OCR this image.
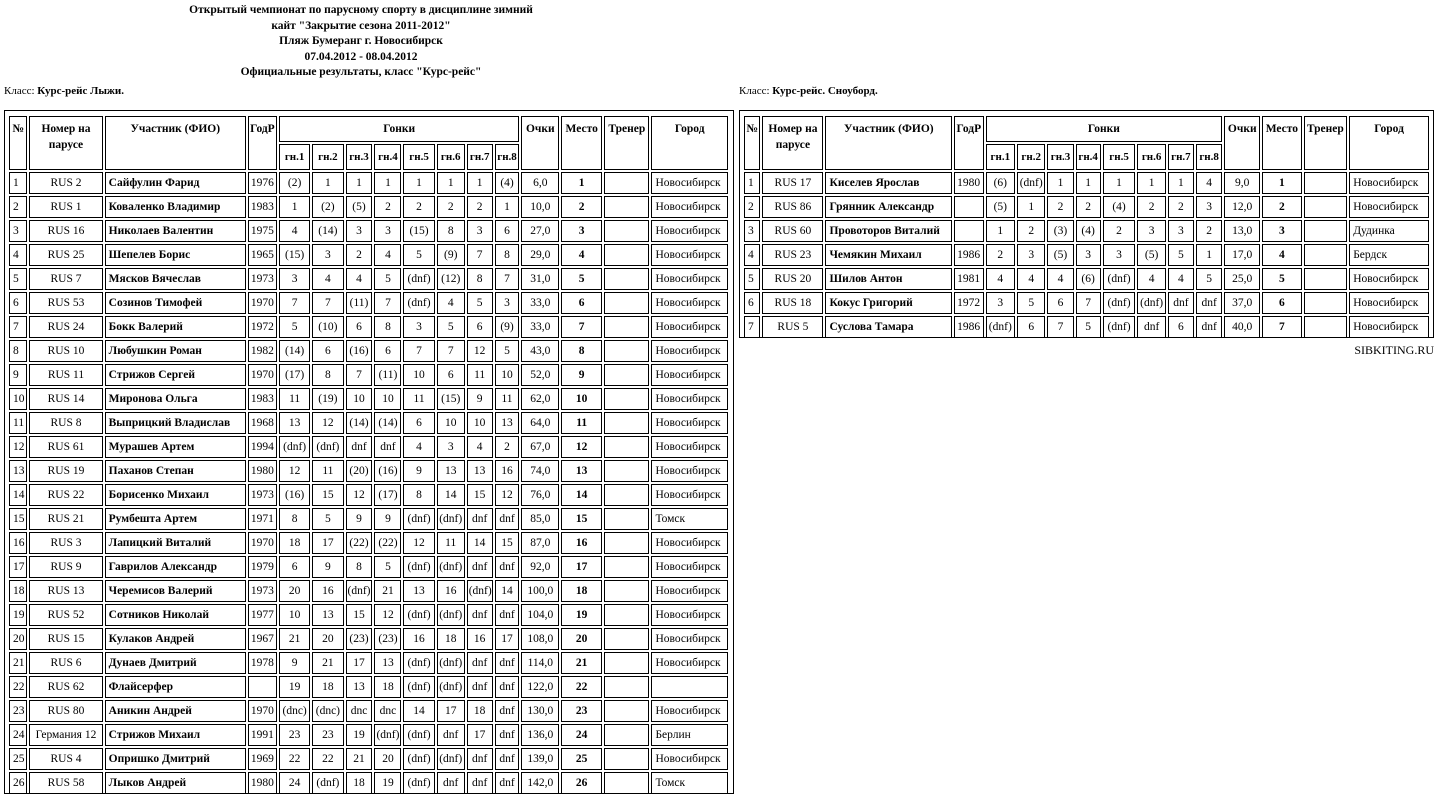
Открытый чемпионат по парусному спорту в дисциплине зимний
кайт "Закрытие сезона 2011-2012"
Пляж Бумеранг г. Новосибирск
07.04.2012 - 08.04.2012
Официальные результаты, класс "Курс-рейс"
Класс: Курс-рейс Лыжи.	Класс: Курс-рейс. Сноуборд.
№	Номер на парусе	Участник (ФИО)	ГодР	Гонки								Очки	Место	Тренер	Город
				гн.1	гн.2	гн.3	гн.4	гн.5	гн.6	гн.7	гн.8				
1	RUS 2	Сайфулин Фарид	1976	(2)	1	1	1	1	1	1	(4)	6,0	1		Новосибирск
2	RUS 1	Коваленко Владимир	1983	1	(2)	(5)	2	2	2	2	1	10,0	2		Новосибирск
3	RUS 16	Николаев Валентин	1975	4	(14)	3	3	(15)	8	3	6	27,0	3		Новосибирск
4	RUS 25	Шепелев Борис	1965	(15)	3	2	4	5	(9)	7	8	29,0	4		Новосибирск
5	RUS 7	Мясков Вячеслав	1973	3	4	4	5	(dnf)	(12)	8	7	31,0	5		Новосибирск
6	RUS 53	Созинов Тимофей	1970	7	7	(11)	7	(dnf)	4	5	3	33,0	6		Новосибирск
7	RUS 24	Бокк Валерий	1972	5	(10)	6	8	3	5	6	(9)	33,0	7		Новосибирск
8	RUS 10	Любушкин Роман	1982	(14)	6	(16)	6	7	7	12	5	43,0	8		Новосибирск
9	RUS 11	Стрижов Сергей	1970	(17)	8	7	(11)	10	6	11	10	52,0	9		Новосибирск
10	RUS 14	Миронова Ольга	1983	11	(19)	10	10	11	(15)	9	11	62,0	10		Новосибирск
11	RUS 8	Выприцкий Владислав	1968	13	12	(14)	(14)	6	10	10	13	64,0	11		Новосибирск
12	RUS 61	Мурашев Артем	1994	(dnf)	(dnf)	dnf	dnf	4	3	4	2	67,0	12		Новосибирск
13	RUS 19	Паханов Степан	1980	12	11	(20)	(16)	9	13	13	16	74,0	13		Новосибирск
14	RUS 22	Борисенко Михаил	1973	(16)	15	12	(17)	8	14	15	12	76,0	14		Новосибирск
15	RUS 21	Румбешта Артем	1971	8	5	9	9	(dnf)	(dnf)	dnf	dnf	85,0	15		Томск
16	RUS 3	Лапицкий Виталий	1970	18	17	(22)	(22)	12	11	14	15	87,0	16		Новосибирск
17	RUS 9	Гаврилов Александр	1979	6	9	8	5	(dnf)	(dnf)	dnf	dnf	92,0	17		Новосибирск
18	RUS 13	Черемисов Валерий	1973	20	16	(dnf)	21	13	16	(dnf)	14	100,0	18		Новосибирск
19	RUS 52	Сотников Николай	1977	10	13	15	12	(dnf)	(dnf)	dnf	dnf	104,0	19		Новосибирск
20	RUS 15	Кулаков Андрей	1967	21	20	(23)	(23)	16	18	16	17	108,0	20		Новосибирск
21	RUS 6	Дунаев Дмитрий	1978	9	21	17	13	(dnf)	(dnf)	dnf	dnf	114,0	21		Новосибирск
22	RUS 62	Флайсерфер		19	18	13	18	(dnf)	(dnf)	dnf	dnf	122,0	22		
23	RUS 80	Аникин Андрей	1970	(dnc)	(dnc)	dnc	dnc	14	17	18	dnf	130,0	23		Новосибирск
24	Германия 12	Стрижов Михаил	1991	23	23	19	(dnf)	(dnf)	dnf	17	dnf	136,0	24		Берлин
25	RUS 4	Опришко Дмитрий	1969	22	22	21	20	(dnf)	(dnf)	dnf	dnf	139,0	25		Новосибирск
26	RUS 58	Лыков Андрей	1980	24	(dnf)	18	19	(dnf)	dnf	dnf	dnf	142,0	26		Томск
№	Номер на парусе	Участник (ФИО)	ГодР	Гонки								Очки	Место	Тренер	Город
				гн.1	гн.2	гн.3	гн.4	гн.5	гн.6	гн.7	гн.8				
1	RUS 17	Киселев Ярослав	1980	(6)	(dnf)	1	1	1	1	1	4	9,0	1		Новосибирск
2	RUS 86	Грянник Александр		(5)	1	2	2	(4)	2	2	3	12,0	2		Новосибирск
3	RUS 60	Провоторов Виталий		1	2	(3)	(4)	2	3	3	2	13,0	3		Дудинка
4	RUS 23	Чемякин Михаил	1986	2	3	(5)	3	3	(5)	5	1	17,0	4		Бердск
5	RUS 20	Шилов Антон	1981	4	4	4	(6)	(dnf)	4	4	5	25,0	5		Новосибирск
6	RUS 18	Кокус Григорий	1972	3	5	6	7	(dnf)	(dnf)	dnf	dnf	37,0	6		Новосибирск
7	RUS 5	Суслова Тамара	1986	(dnf)	6	7	5	(dnf)	dnf	6	dnf	40,0	7		Новосибирск
SIBKITING.RU
